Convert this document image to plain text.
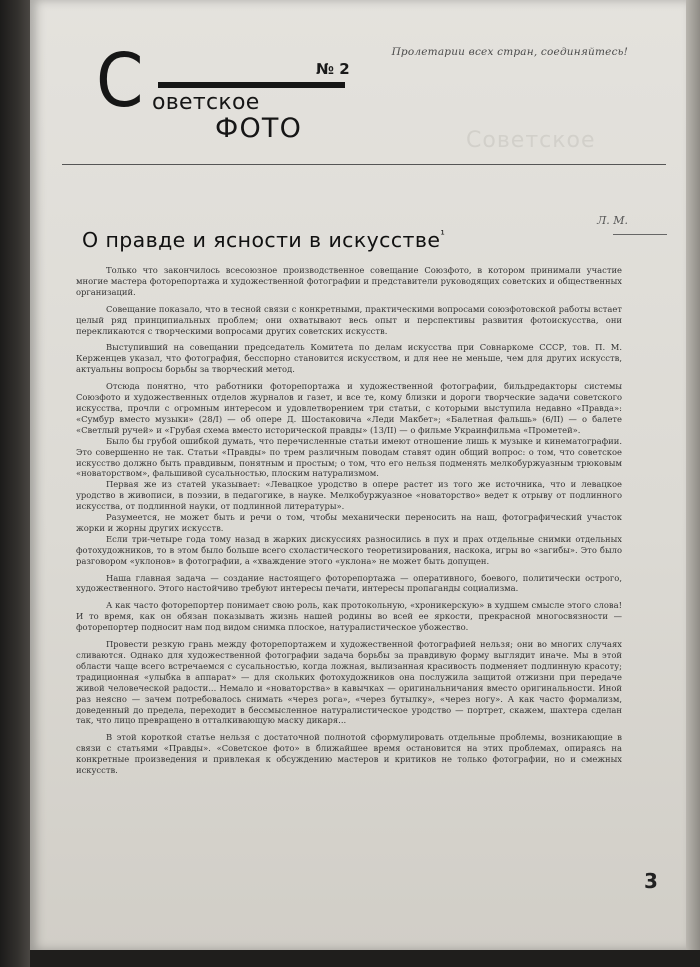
Пролетарии всех стран, соединяйтесь!
С	№ 2
оветское
ФОТО	Советское
Л. М.
О правде и ясности в искусстве$^{^1}$

Только что закончилось всесоюзное производственное совещание Союзфото, в котором принимали участие многие мастера фоторепортажа и художественной фотографии и представители руководящих советских и общественных организаций.

Совещание показало, что в тесной связи с конкретными, практическими вопросами союзфотовской работы встает целый ряд принципиальных проблем; они охватывают весь опыт и перспективы развития фотоискусства, они перекликаются с творческими вопросами других советских искусств.

Выступивший на совещании председатель Комитета по делам искусства при Совнаркоме СССР, тов. П. М. Керженцев указал, что фотография, бесспорно становится искусством, и для нее не меньше, чем для других искусств, актуальны вопросы борьбы за творческий метод.

Отсюда понятно, что работники фоторепортажа и художественной фотографии, бильдредакторы системы Союзфото и художественных отделов журналов и газет, и все те, кому близки и дороги творческие задачи советского искусства, прочли с огромным интересом и удовлетворением три статьи, с которыми выступила недавно «Правда»: «Сумбур вместо музыки» (28/I) — об опере Д. Шостаковича «Леди Макбет»; «Балетная фальшь» (6/II) — о балете «Светлый ручей» и «Грубая схема вместо исторической правды» (13/II) — о фильме Украинфильма «Прометей».

Было бы грубой ошибкой думать, что перечисленные статьи имеют отношение лишь к музыке и кинематографии. Это совершенно не так. Статьи «Правды» по трем различным поводам ставят один общий вопрос: о том, что советское искусство должно быть правдивым, понятным и простым; о том, что его нельзя подменять мелкобуржуазным трюковым «новаторством», фальшивой сусальностью, плоским натурализмом.

Первая же из статей указывает: «Левацкое уродство в опере растет из того же источника, что и левацкое уродство в живописи, в поэзии, в педагогике, в науке. Мелкобуржуазное «новаторство» ведет к отрыву от подлинного искусства, от подлинной науки, от подлинной литературы».

Разумеется, не может быть и речи о том, чтобы механически переносить на наш, фотографический участок жорки и жорны других искусств.

Если три-четыре года тому назад в жарких дискуссиях разносились в пух и прах отдельные снимки отдельных фотохудожников, то в этом было больше всего схоластического теоретизирования, наскока, игры во «загибы». Это было разговором «уклонов» в фотографии, а «хваждение этого «уклона» не может быть допущен.

Наша главная задача — создание настоящего фоторепортажа — оперативного, боевого, политически острого, художественного. Этого настойчиво требуют интересы печати, интересы пропаганды социализма.

А как часто фоторепортер понимает свою роль, как протокольную, «хроникерскую» в худшем смысле этого слова! И то время, как он обязан показывать жизнь нашей родины во всей ее яркости, прекрасной многосвязности — фоторепортер подносит нам под видом снимка плоское, натуралистическое убожество.

Провести резкую грань между фоторепортажем и художественной фотографией нельзя; они во многих случаях сливаются. Однако для художественной фотографии задача борьбы за правдивую форму выглядит иначе. Мы в этой области чаще всего встречаемся с сусальностью, когда ложная, вылизанная красивость подменяет подлинную красоту; традиционная «улыбка в аппарат» — для скольких фотохудожников она послужила защитой отжизни при передаче живой человеческой радости... Немало и «новаторства» в кавычках — оригинальничания вместо оригинальности. Иной раз неясно — зачем потребовалось снимать «через рога», «через бутылку», «через ногу». А как часто формализм, доведенный до предела, переходит в бессмысленное натуралистическое уродство — портрет, скажем, шахтера сделан так, что лицо превращено в отталкивающую маску дикаря...

В этой короткой статье нельзя с достаточной полнотой сформулировать отдельные проблемы, возникающие в связи с статьями «Правды». «Советское фото» в ближайшее время остановится на этих проблемах, опираясь на конкретные произведения и привлекая к обсуждению мастеров и критиков не только фотографии, но и смежных искусств.

3
